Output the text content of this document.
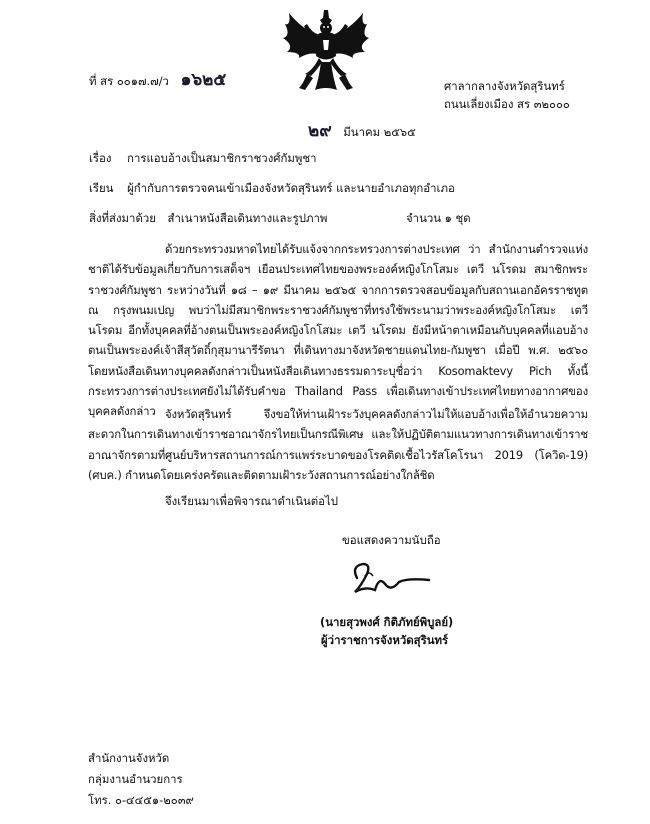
ที่ สร ๐๐๑๗.๗/ว ๑๖๒๕	ศาลากลางจังหวัดสุรินทร์
ถนนเลี่ยงเมือง สร ๓๒๐๐๐
๒๙ มีนาคม ๒๕๖๕
เรื่อง การแอบอ้างเป็นสมาชิกราชวงศ์กัมพูชา
เรียน ผู้กำกับการตรวจคนเข้าเมืองจังหวัดสุรินทร์ และนายอำเภอทุกอำเภอ
สิ่งที่ส่งมาด้วย สำเนาหนังสือเดินทางและรูปภาพ	จำนวน ๑ ชุด
ด้วยกระทรวงมหาดไทยได้รับแจ้งจากกระทรวงการต่างประเทศ ว่า สำนักงานตำรวจแห่งชาติได้รับข้อมูลเกี่ยวกับการเสด็จฯ เยือนประเทศไทยของพระองค์หญิงโกโสมะ เตวี นโรดม สมาชิกพระราชวงศ์กัมพูชา ระหว่างวันที่ ๑๘ – ๑๙ มีนาคม ๒๕๖๕ จากการตรวจสอบข้อมูลกับสถานเอกอัครราชทูต ณ กรุงพนมเปญ พบว่าไม่มีสมาชิกพระราชวงศ์กัมพูชาที่ทรงใช้พระนามว่าพระองค์หญิงโกโสมะ เตวี นโรดม อีกทั้งบุคคลที่อ้างตนเป็นพระองค์หญิงโกโสมะ เตวี นโรดม ยังมีหน้าตาเหมือนกับบุคคลที่แอบอ้างตนเป็นพระองค์เจ้าสีสุวัตถิ์กุสุมานารีรัตนา ที่เดินทางมาจังหวัดชายแดนไทย-กัมพูชา เมื่อปี พ.ศ. ๒๕๖๐ โดยหนังสือเดินทางบุคคลดังกล่าวเป็นหนังสือเดินทางธรรมดาระบุชื่อว่า Kosomaktevy Pich ทั้งนี้ กระทรวงการต่างประเทศยังไม่ได้รับคำขอ Thailand Pass เพื่อเดินทางเข้าประเทศไทยทางอากาศของบุคคลดังกล่าว จังหวัดสุรินทร์ จึงขอให้ท่านเฝ้าระวังบุคคลดังกล่าวไม่ให้แอบอ้างเพื่อให้อำนวยความสะดวกในการเดินทางเข้าราชอาณาจักรไทยเป็นกรณีพิเศษ และให้ปฏิบัติตามแนวทางการเดินทางเข้าราชอาณาจักรตามที่ศูนย์บริหารสถานการณ์การแพร่ระบาดของโรคติดเชื้อไวรัสโคโรนา 2019 (โควิด-19) (ศบค.) กำหนดโดยเคร่งครัดและติดตามเฝ้าระวังสถานการณ์อย่างใกล้ชิด
จึงเรียนมาเพื่อพิจารณาดำเนินต่อไป
ขอแสดงความนับถือ
(นายสุวพงศ์ กิติภัทย์พิบูลย์)
ผู้ว่าราชการจังหวัดสุรินทร์
สำนักงานจังหวัด
กลุ่มงานอำนวยการ
โทร. ๐-๔๔๕๑-๒๐๓๙
